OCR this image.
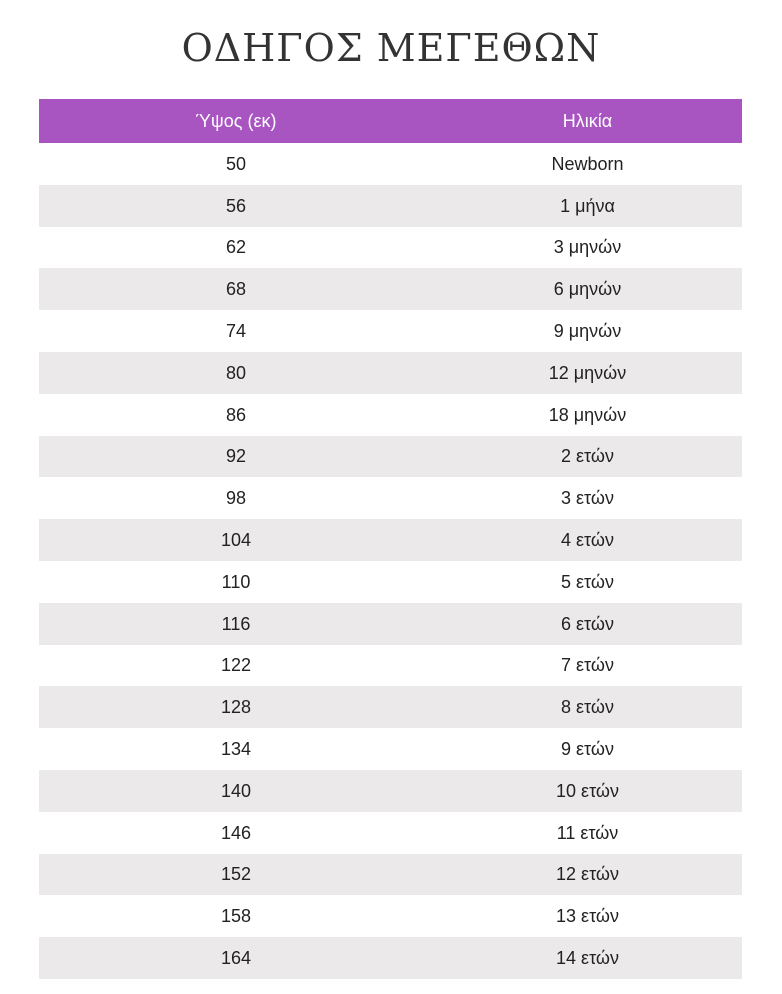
ΟΔΗΓΟΣ ΜΕΓΕΘΩΝ
Ύψος (εκ)	Ηλικία
50	Newborn
56	1 μήνα
62	3 μηνών
68	6 μηνών
74	9 μηνών
80	12 μηνών
86	18 μηνών
92	2 ετών
98	3 ετών
104	4 ετών
110	5 ετών
116	6 ετών
122	7 ετών
128	8 ετών
134	9 ετών
140	10 ετών
146	11 ετών
152	12 ετών
158	13 ετών
164	14 ετών
